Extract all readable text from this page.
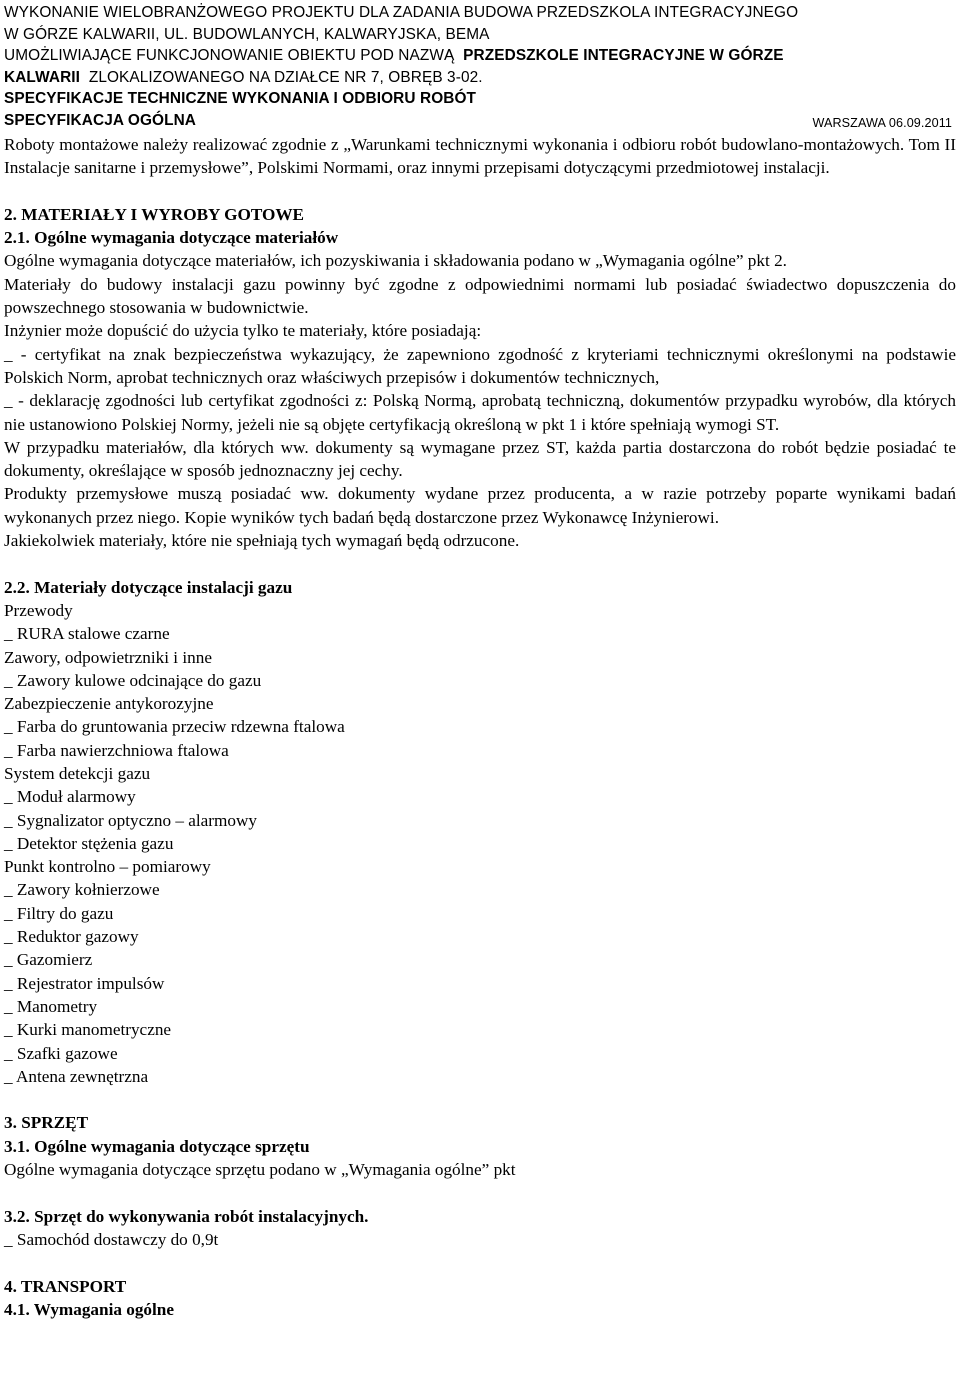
WYKONANIE WIELOBRANŻOWEGO PROJEKTU DLA ZADANIA BUDOWA PRZEDSZKOLA INTEGRACYJNEGO
W GÓRZE KALWARII, UL. BUDOWLANYCH, KALWARYJSKA, BEMA
UMOŻLIWIAJĄCE FUNKCJONOWANIE OBIEKTU POD NAZWĄ PRZEDSZKOLE INTEGRACYJNE W GÓRZE
KALWARII ZLOKALIZOWANEGO NA DZIAŁCE NR 7, OBRĘB 3-02.
SPECYFIKACJE TECHNICZNE WYKONANIA I ODBIORU ROBÓT
SPECYFIKACJA OGÓLNA	WARSZAWA 06.09.2011

Roboty montażowe należy realizować zgodnie z „Warunkami technicznymi wykonania i odbioru robót budowlano-montażowych. Tom II Instalacje sanitarne i przemysłowe”, Polskimi Normami, oraz innymi przepisami dotyczącymi przedmiotowej instalacji.

2. MATERIAŁY I WYROBY GOTOWE
2.1. Ogólne wymagania dotyczące materiałów

Ogólne wymagania dotyczące materiałów, ich pozyskiwania i składowania podano w „Wymagania ogólne” pkt 2.

Materiały do budowy instalacji gazu powinny być zgodne z odpowiednimi normami lub posiadać świadectwo dopuszczenia do powszechnego stosowania w budownictwie.

Inżynier może dopuścić do użycia tylko te materiały, które posiadają:

_ - certyfikat na znak bezpieczeństwa wykazujący, że zapewniono zgodność z kryteriami technicznymi określonymi na podstawie Polskich Norm, aprobat technicznych oraz właściwych przepisów i dokumentów technicznych,

_ - deklarację zgodności lub certyfikat zgodności z: Polską Normą, aprobatą techniczną, dokumentów przypadku wyrobów, dla których nie ustanowiono Polskiej Normy, jeżeli nie są objęte certyfikacją określoną w pkt 1 i które spełniają wymogi ST.

W przypadku materiałów, dla których ww. dokumenty są wymagane przez ST, każda partia dostarczona do robót będzie posiadać te dokumenty, określające w sposób jednoznaczny jej cechy.

Produkty przemysłowe muszą posiadać ww. dokumenty wydane przez producenta, a w razie potrzeby poparte wynikami badań wykonanych przez niego. Kopie wyników tych badań będą dostarczone przez Wykonawcę Inżynierowi.

Jakiekolwiek materiały, które nie spełniają tych wymagań będą odrzucone.

2.2. Materiały dotyczące instalacji gazu
Przewody
_ RURA stalowe czarne
Zawory, odpowietrzniki i inne
_ Zawory kulowe odcinające do gazu
Zabezpieczenie antykorozyjne
_ Farba do gruntowania przeciw rdzewna ftalowa
_ Farba nawierzchniowa ftalowa
System detekcji gazu
_ Moduł alarmowy
_ Sygnalizator optyczno – alarmowy
_ Detektor stężenia gazu
Punkt kontrolno – pomiarowy
_ Zawory kołnierzowe
_ Filtry do gazu
_ Reduktor gazowy
_ Gazomierz
_ Rejestrator impulsów
_ Manometry
_ Kurki manometryczne
_ Szafki gazowe
_ Antena zewnętrzna
3. SPRZĘT
3.1. Ogólne wymagania dotyczące sprzętu

Ogólne wymagania dotyczące sprzętu podano w „Wymagania ogólne” pkt

3.2. Sprzęt do wykonywania robót instalacyjnych.

_ Samochód dostawczy do 0,9t

4. TRANSPORT
4.1. Wymagania ogólne
